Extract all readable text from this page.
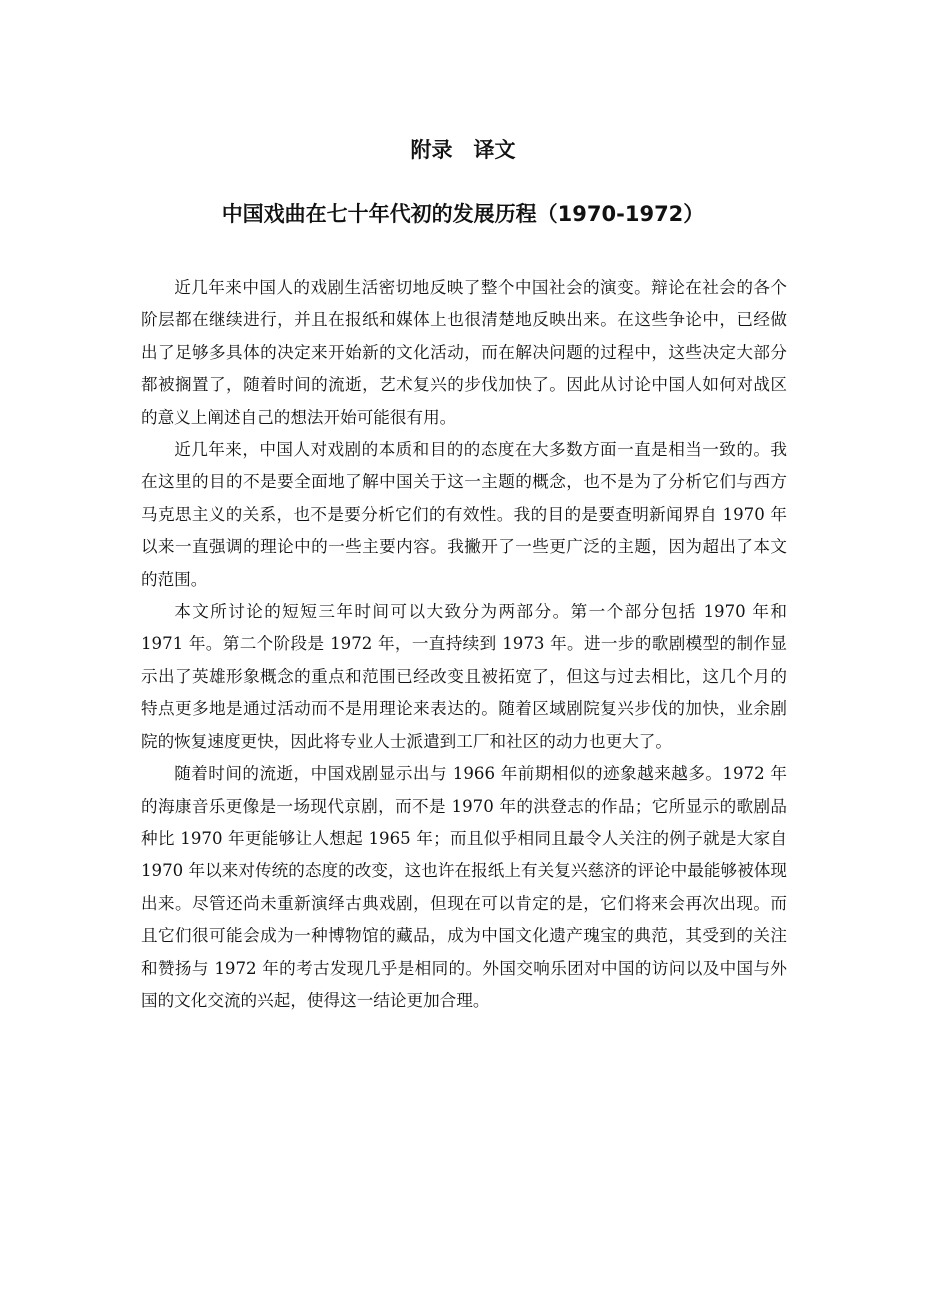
附录　译文
中国戏曲在七十年代初的发展历程（1970-1972）

近几年来中国人的戏剧生活密切地反映了整个中国社会的演变。辩论在社会的各个阶层都在继续进行，并且在报纸和媒体上也很清楚地反映出来。在这些争论中，已经做出了足够多具体的决定来开始新的文化活动，而在解决问题的过程中，这些决定大部分都被搁置了，随着时间的流逝，艺术复兴的步伐加快了。因此从讨论中国人如何对战区的意义上阐述自己的想法开始可能很有用。

近几年来，中国人对戏剧的本质和目的的态度在大多数方面一直是相当一致的。我在这里的目的不是要全面地了解中国关于这一主题的概念，也不是为了分析它们与西方马克思主义的关系，也不是要分析它们的有效性。我的目的是要查明新闻界自 1970 年以来一直强调的理论中的一些主要内容。我撇开了一些更广泛的主题，因为超出了本文的范围。

本文所讨论的短短三年时间可以大致分为两部分。第一个部分包括 1970 年和 1971 年。第二个阶段是 1972 年，一直持续到 1973 年。进一步的歌剧模型的制作显示出了英雄形象概念的重点和范围已经改变且被拓宽了，但这与过去相比，这几个月的特点更多地是通过活动而不是用理论来表达的。随着区域剧院复兴步伐的加快，业余剧院的恢复速度更快，因此将专业人士派遣到工厂和社区的动力也更大了。

随着时间的流逝，中国戏剧显示出与 1966 年前期相似的迹象越来越多。1972 年的海康音乐更像是一场现代京剧，而不是 1970 年的洪登志的作品；它所显示的歌剧品种比 1970 年更能够让人想起 1965 年；而且似乎相同且最令人关注的例子就是大家自 1970 年以来对传统的态度的改变，这也许在报纸上有关复兴慈济的评论中最能够被体现出来。尽管还尚未重新演绎古典戏剧，但现在可以肯定的是，它们将来会再次出现。而且它们很可能会成为一种博物馆的藏品，成为中国文化遗产瑰宝的典范，其受到的关注和赞扬与 1972 年的考古发现几乎是相同的。外国交响乐团对中国的访问以及中国与外国的文化交流的兴起，使得这一结论更加合理。
